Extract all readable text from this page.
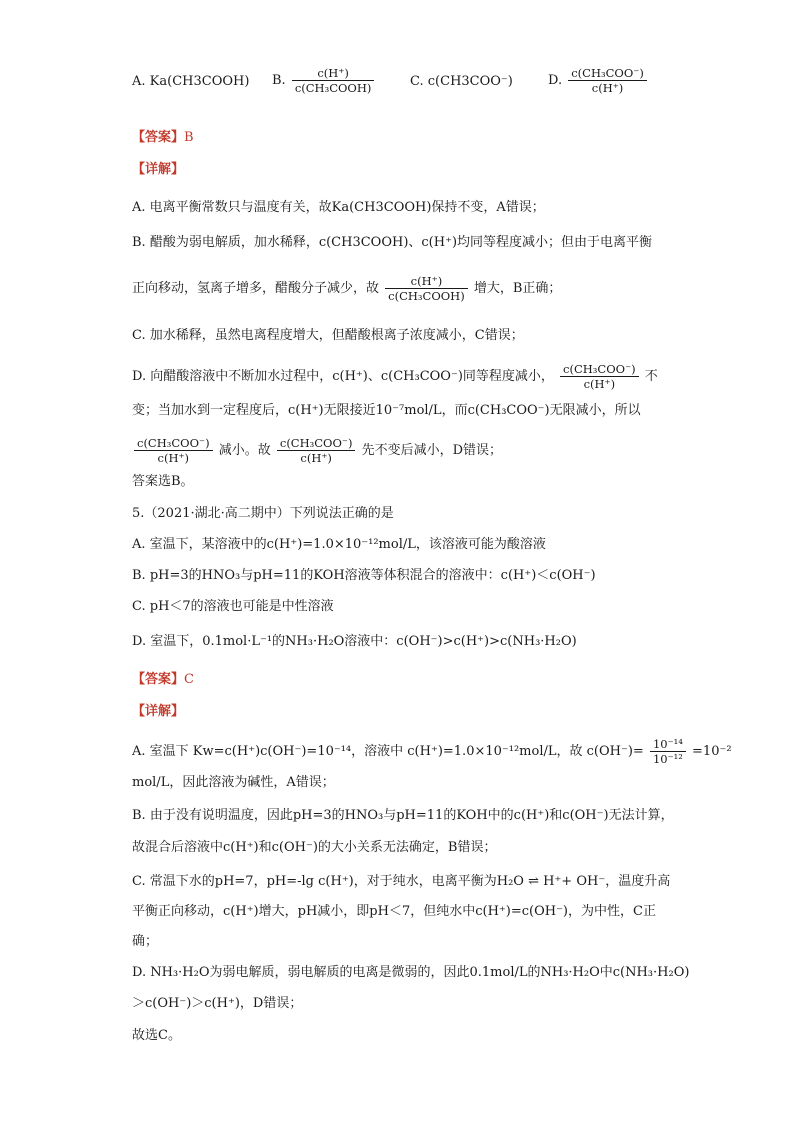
A. Ka(CH3COOH) B. $\frac{c(H^+)}{\text{c(CH₃COOH)}}$	C. c(CH3COO⁻)	D. $\frac{\text{c(CH₃COO⁻)}}{c(H^+)}$
【答案】B
【详解】
A. 电离平衡常数只与温度有关，故Ka(CH3COOH)保持不变，A错误；
B. 醋酸为弱电解质，加水稀释，c(CH3COOH)、c(H⁺)均同等程度减小；但由于电离平衡
正向移动，氢离子增多，醋酸分子减少，故 $\frac{c(H^+)}{\text{c(CH₃COOH)}}$ 增大，B正确；
C. 加水稀释，虽然电离程度增大，但醋酸根离子浓度减小，C错误；
D. 向醋酸溶液中不断加水过程中，c(H⁺)、c(CH₃COO⁻)同等程度减小， $\frac{\text{c(CH₃COO⁻)}}{c(H^+)}$ 不
变；当加水到一定程度后，c(H⁺)无限接近10⁻⁷mol/L，而c(CH₃COO⁻)无限减小，所以
$\frac{\text{c(CH₃COO⁻)}}{c(H^+)}$ 减小。故 $\frac{\text{c(CH₃COO⁻)}}{c(H^+)}$ 先不变后减小，D错误；
答案选B。
5.（2021·湖北·高二期中）下列说法正确的是
A. 室温下，某溶液中的c(H⁺)=1.0×10⁻¹²mol/L，该溶液可能为酸溶液
B. pH=3的HNO₃与pH=11的KOH溶液等体积混合的溶液中：c(H⁺)＜c(OH⁻)
C. pH＜7的溶液也可能是中性溶液
D. 室温下，0.1mol·L⁻¹的NH₃·H₂O溶液中：c(OH⁻)>c(H⁺)>c(NH₃·H₂O)
【答案】C
【详解】
A. 室温下 Kw=c(H⁺)c(OH⁻)=10⁻¹⁴，溶液中 c(H⁺)=1.0×10⁻¹²mol/L，故 $c(OH^-)= \frac{\text{10⁻¹⁴}}{\text{10⁻¹²}} =10^{-2}$
mol/L，因此溶液为碱性，A错误；
B. 由于没有说明温度，因此pH=3的HNO₃与pH=11的KOH中的c(H⁺)和c(OH⁻)无法计算，
故混合后溶液中c(H⁺)和c(OH⁻)的大小关系无法确定，B错误；
C. 常温下水的pH=7，pH=-lg c(H⁺)，对于纯水，电离平衡为H₂O ⇌ H⁺+ OH⁻，温度升高
平衡正向移动，c(H⁺)增大，pH减小，即pH＜7，但纯水中c(H⁺)=c(OH⁻)，为中性，C正
确；
D. NH₃·H₂O为弱电解质，弱电解质的电离是微弱的，因此0.1mol/L的NH₃·H₂O中c(NH₃·H₂O)
＞c(OH⁻)＞c(H⁺)，D错误；
故选C。
